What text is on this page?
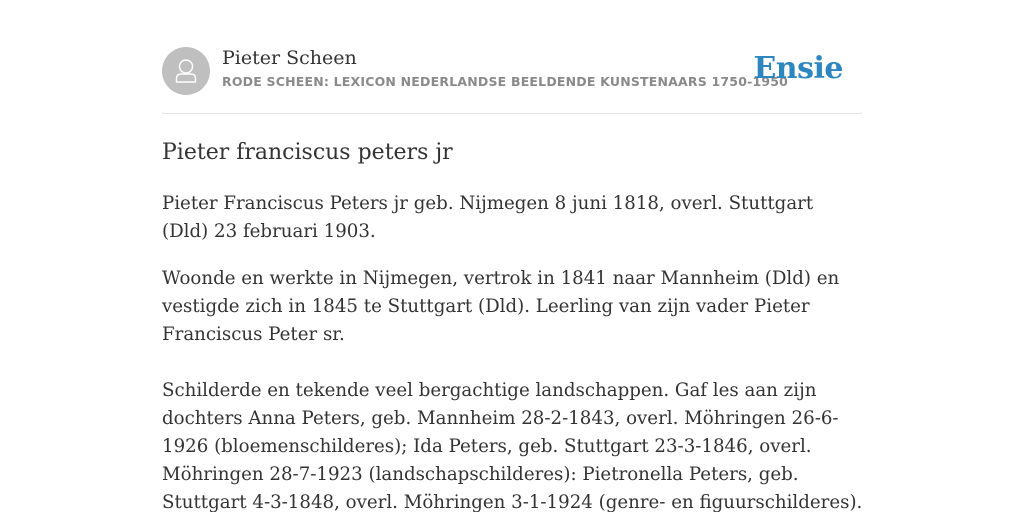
Pieter Scheen
RODE SCHEEN: LEXICON NEDERLANDSE BEELDENDE KUNSTENAARS 1750-1950
Ensie
Pieter franciscus peters jr

Pieter Francisсus Peters jr geb. Nijmegen 8 juni 1818, overl. Stuttgart (Dld) 23 februari 1903.

Woonde en werkte in Nijmegen, vertrok in 1841 naar Mannheim (Dld) en vestigde zich in 1845 te Stuttgart (Dld). Leerling van zijn vader Pieter Franciscus Peter sr.

Schilderde en tekende veel bergachtige landschappen. Gaf les aan zijn dochters Anna Peters, geb. Mannheim 28-2-1843, overl. Möhringen 26-6-1926 (bloemenschilderes); Ida Peters, geb. Stuttgart 23-3-1846, overl. Möhringen 28-7-1923 (landschapschilderes): Pietronella Peters, geb. Stuttgart 4-3-1848, overl. Möhringen 3-1-1924 (genre- en figuurschilderes).
